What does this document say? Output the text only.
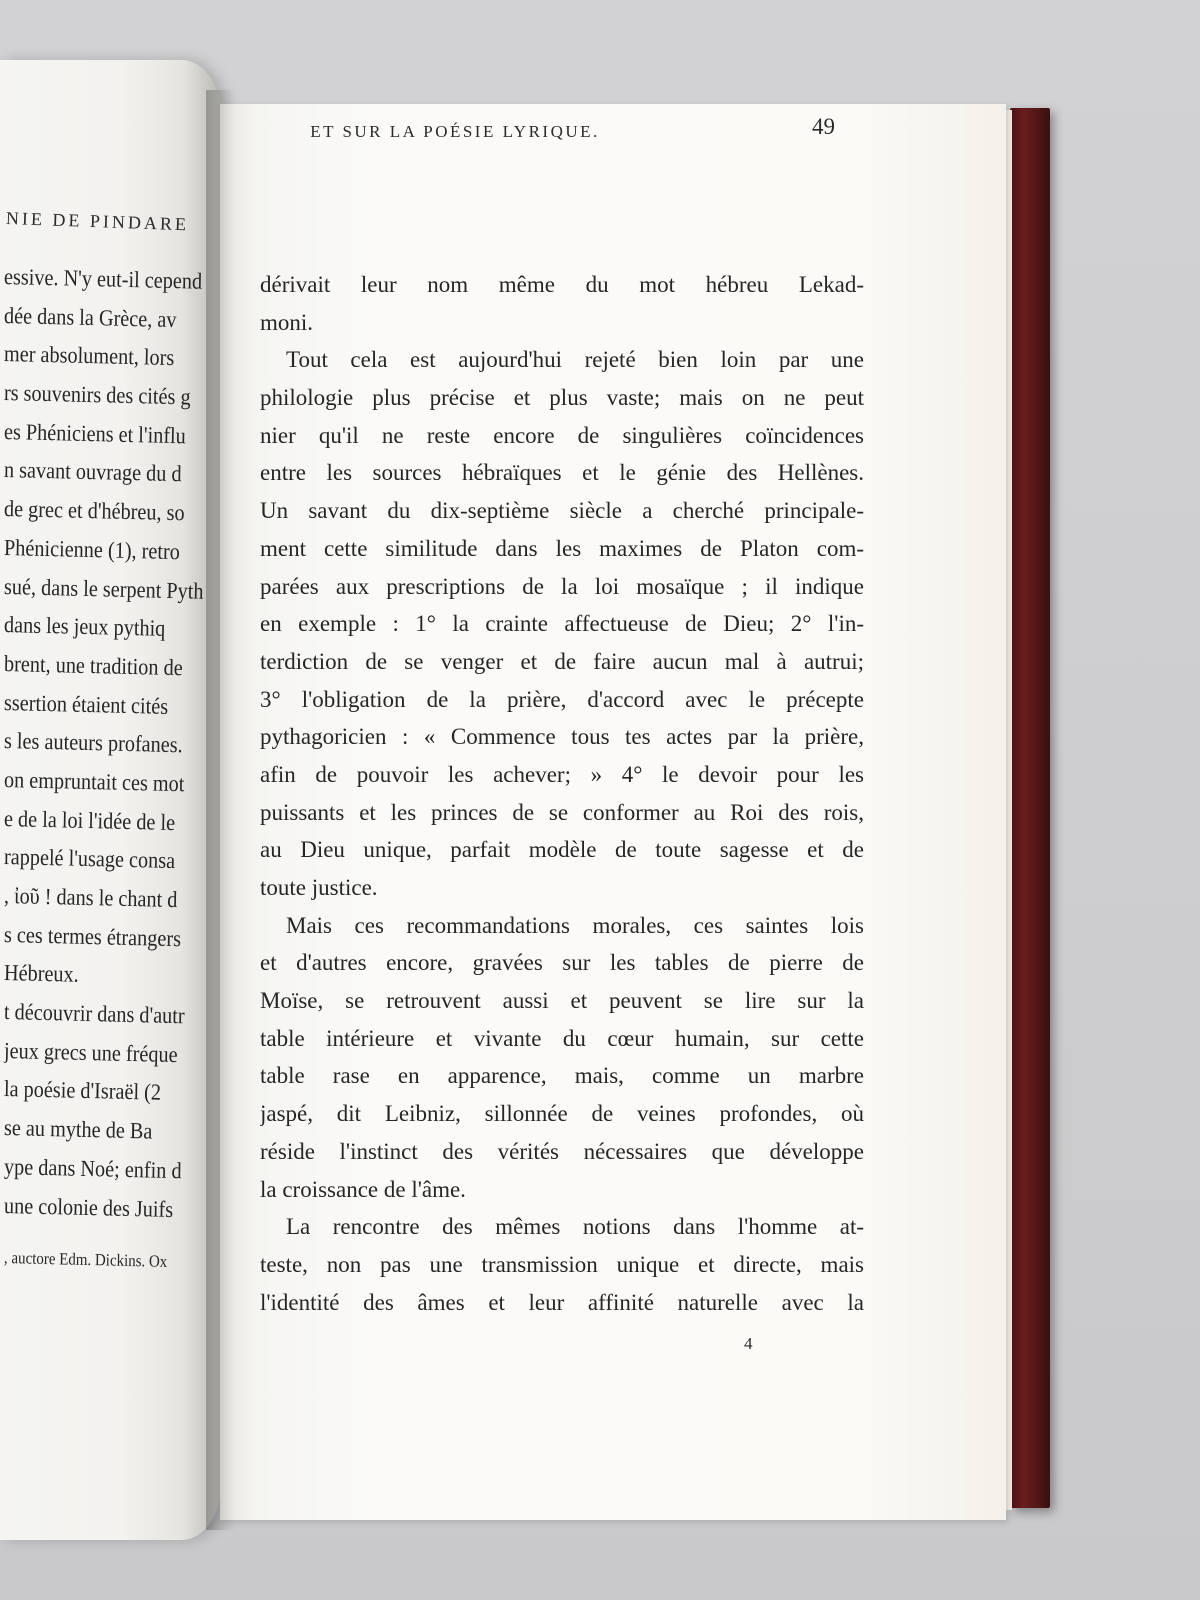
NIE DE PINDARE
essive. N'y eut-il cepend
dée dans la Grèce, av
mer absolument, lors
rs souvenirs des cités g
es Phéniciens et l'influ
n savant ouvrage du d
de grec et d'hébreu, so
Phénicienne (1), retro
sué, dans le serpent Pyth
dans les jeux pythiq
brent, une tradition de
ssertion étaient cités
s les auteurs profanes.
on empruntait ces mot
e de la loi l'idée de le
rappelé l'usage consa
, ἰοῦ ! dans le chant d
s ces termes étrangers
Hébreux.
t découvrir dans d'autr
jeux grecs une fréque
la poésie d'Israël (2
se au mythe de Ba
ype dans Noé; enfin d
une colonie des Juifs
, auctore Edm. Dickins. Ox
ET SUR LA POÉSIE LYRIQUE.	49
dérivait leur nom même du mot hébreu Lekad-
moni.
Tout cela est aujourd'hui rejeté bien loin par une
philologie plus précise et plus vaste; mais on ne peut
nier qu'il ne reste encore de singulières coïncidences
entre les sources hébraïques et le génie des Hellènes.
Un savant du dix-septième siècle a cherché principale-
ment cette similitude dans les maximes de Platon com-
parées aux prescriptions de la loi mosaïque ; il indique
en exemple : 1° la crainte affectueuse de Dieu; 2° l'in-
terdiction de se venger et de faire aucun mal à autrui;
3° l'obligation de la prière, d'accord avec le précepte
pythagoricien : « Commence tous tes actes par la prière,
afin de pouvoir les achever; » 4° le devoir pour les
puissants et les princes de se conformer au Roi des rois,
au Dieu unique, parfait modèle de toute sagesse et de
toute justice.
Mais ces recommandations morales, ces saintes lois
et d'autres encore, gravées sur les tables de pierre de
Moïse, se retrouvent aussi et peuvent se lire sur la
table intérieure et vivante du cœur humain, sur cette
table rase en apparence, mais, comme un marbre
jaspé, dit Leibniz, sillonnée de veines profondes, où
réside l'instinct des vérités nécessaires que développe
la croissance de l'âme.
La rencontre des mêmes notions dans l'homme at-
teste, non pas une transmission unique et directe, mais
l'identité des âmes et leur affinité naturelle avec la
4
